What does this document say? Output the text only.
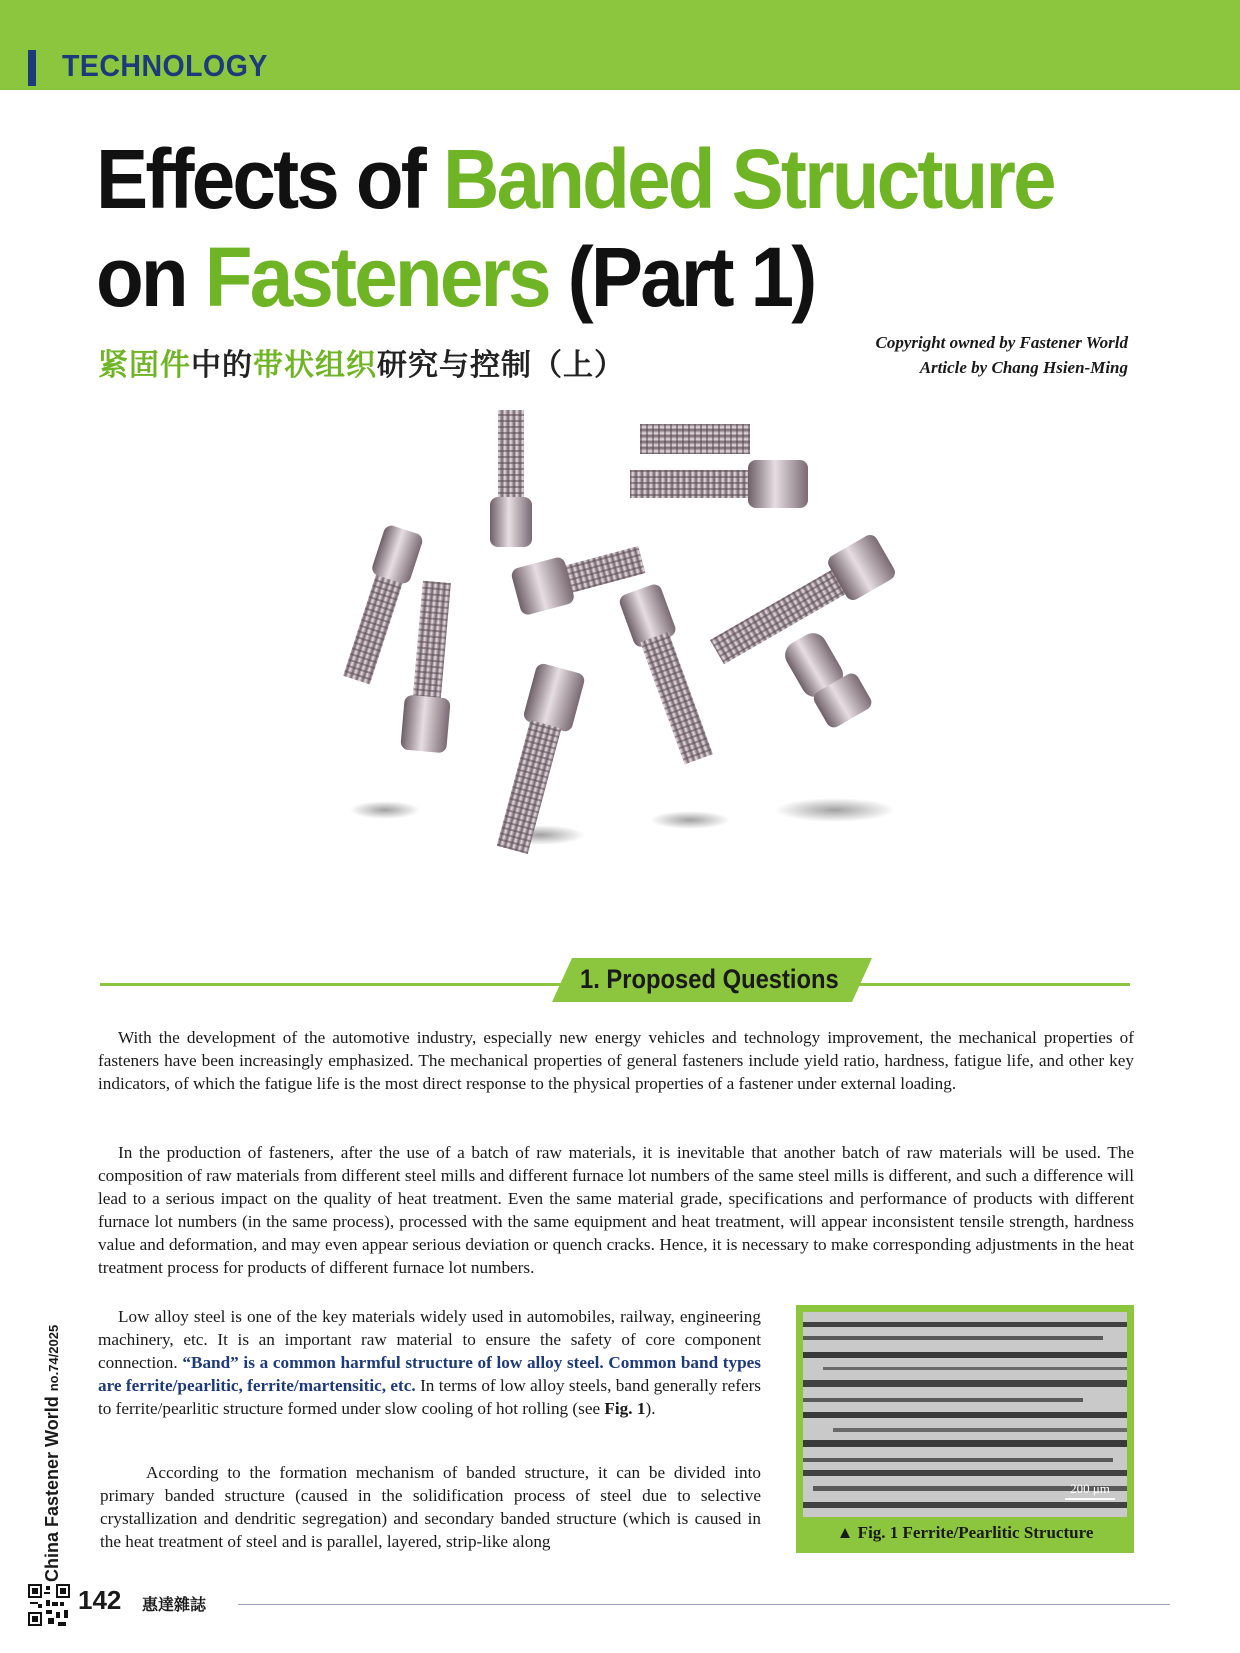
TECHNOLOGY
Effects of Banded Structure
on Fasteners (Part 1)
紧固件中的带状组织研究与控制（上）
Copyright owned by Fastener World
Article by Chang Hsien-Ming
1. Proposed Questions

With the development of the automotive industry, especially new energy vehicles and technology improvement, the mechanical properties of fasteners have been increasingly emphasized. The mechanical properties of general fasteners include yield ratio, hardness, fatigue life, and other key indicators, of which the fatigue life is the most direct response to the physical properties of a fastener under external loading.

In the production of fasteners, after the use of a batch of raw materials, it is inevitable that another batch of raw materials will be used. The composition of raw materials from different steel mills and different furnace lot numbers of the same steel mills is different, and such a difference will lead to a serious impact on the quality of heat treatment. Even the same material grade, specifications and performance of products with different furnace lot numbers (in the same process), processed with the same equipment and heat treatment, will appear inconsistent tensile strength, hardness value and deformation, and may even appear serious deviation or quench cracks. Hence, it is necessary to make corresponding adjustments in the heat treatment process for products of different furnace lot numbers.

Low alloy steel is one of the key materials widely used in automobiles, railway, engineering machinery, etc. It is an important raw material to ensure the safety of core component connection. “Band” is a common harmful structure of low alloy steel. Common band types are ferrite/pearlitic, ferrite/martensitic, etc. In terms of low alloy steels, band generally refers to ferrite/pearlitic structure formed under slow cooling of hot rolling (see Fig. 1).

According to the formation mechanism of banded structure, it can be divided into primary banded structure (caused in the solidification process of steel due to selective crystallization and dendritic segregation) and secondary banded structure (which is caused in the heat treatment of steel and is parallel, layered, strip-like along

200 μm
▲ Fig. 1 Ferrite/Pearlitic Structure
China Fastener World no.74/2025
142 惠達雜誌
